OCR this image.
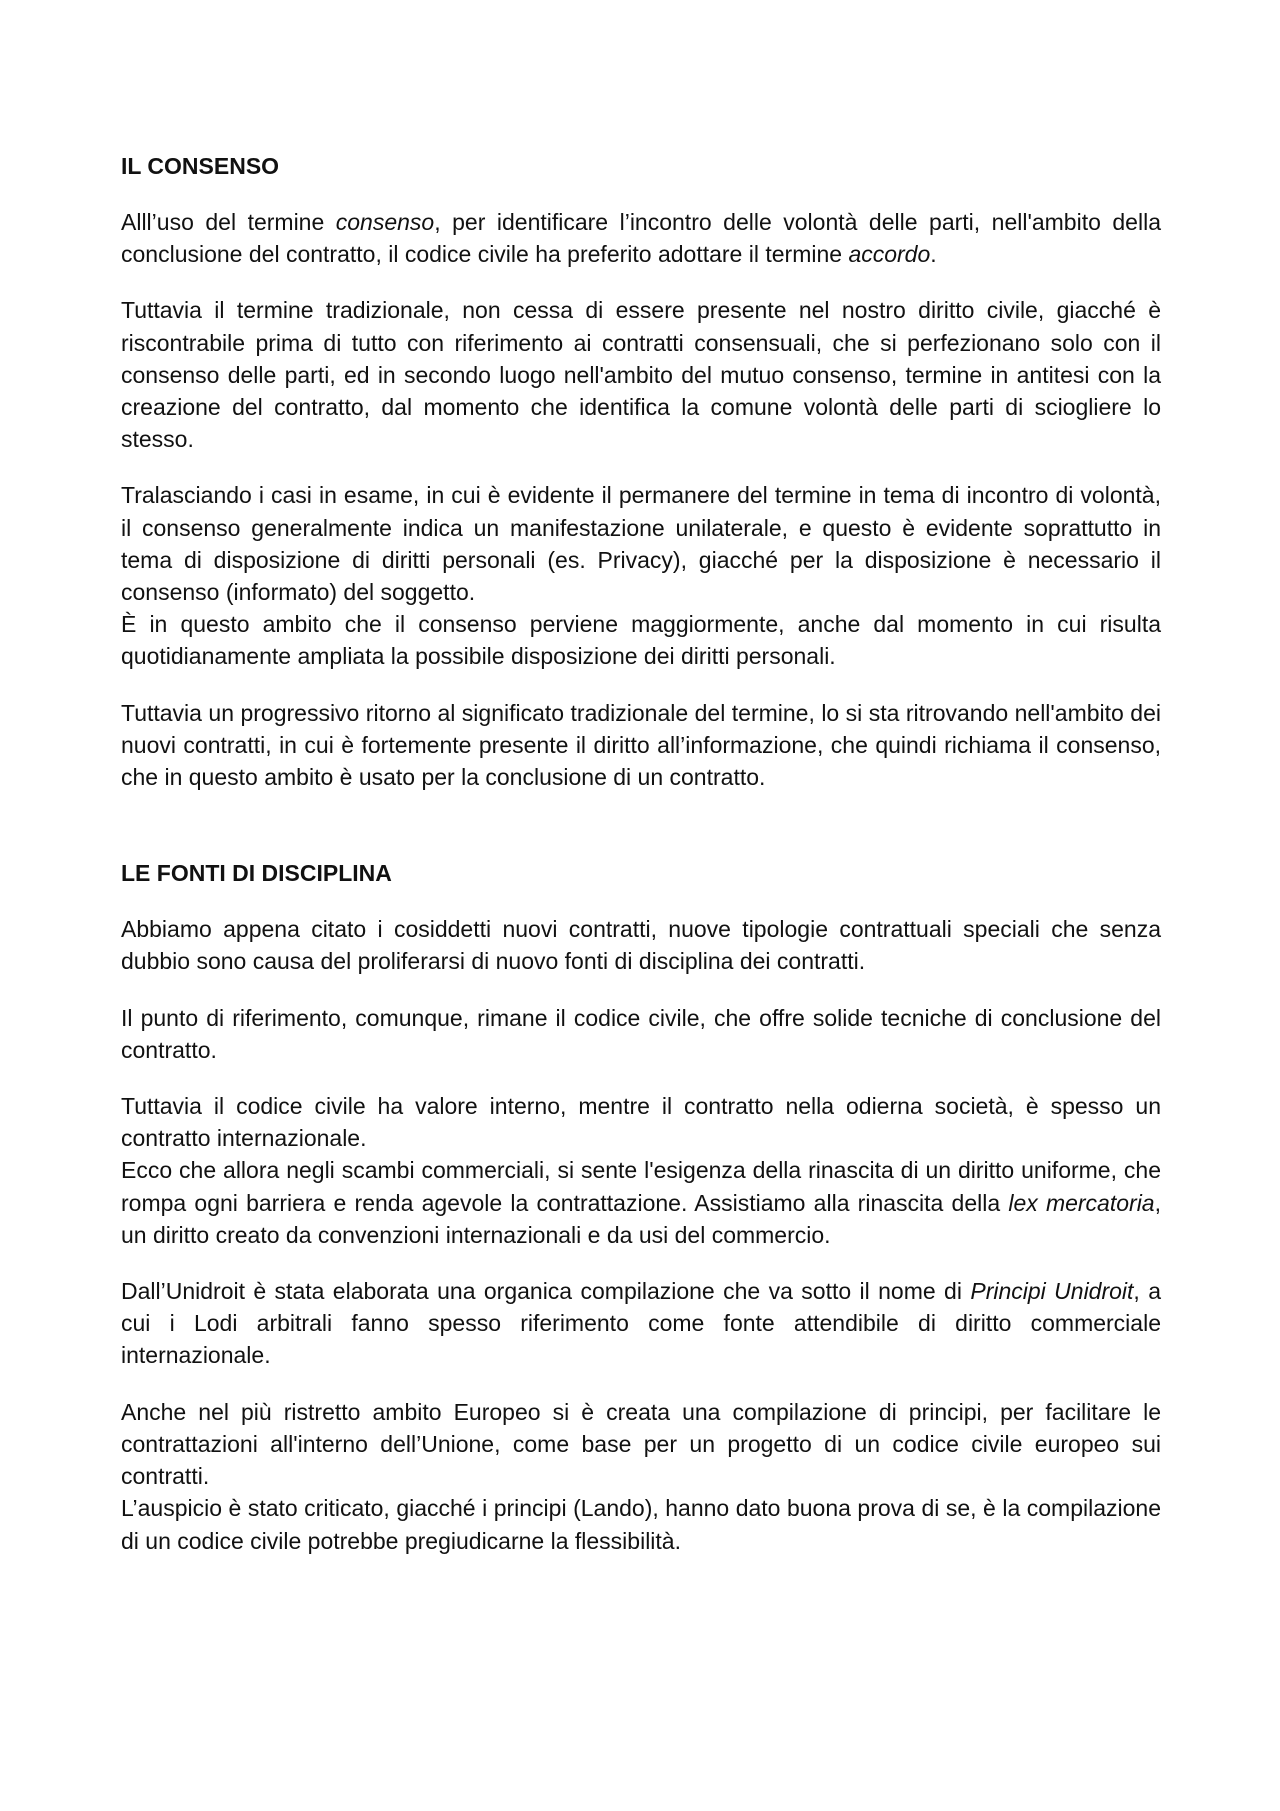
IL CONSENSO

Alll’uso del termine consenso, per identificare l’incontro delle volontà delle parti, nell'ambito della conclusione del contratto, il codice civile ha preferito adottare il termine accordo.

Tuttavia il termine tradizionale, non cessa di essere presente nel nostro diritto civile, giacché è riscontrabile prima di tutto con riferimento ai contratti consensuali, che si perfezionano solo con il consenso delle parti, ed in secondo luogo nell'ambito del mutuo consenso, termine in antitesi con la creazione del contratto, dal momento che identifica la comune volontà delle parti di sciogliere lo stesso.

Tralasciando i casi in esame, in cui è evidente il permanere del termine in tema di incontro di volontà, il consenso generalmente indica un manifestazione unilaterale, e questo è evidente soprattutto in tema di disposizione di diritti personali (es. Privacy), giacché per la disposizione è necessario il consenso (informato) del soggetto.

È in questo ambito che il consenso perviene maggiormente, anche dal momento in cui risulta quotidianamente ampliata la possibile disposizione dei diritti personali.

Tuttavia un progressivo ritorno al significato tradizionale del termine, lo si sta ritrovando nell'ambito dei nuovi contratti, in cui è fortemente presente il diritto all’informazione, che quindi richiama il consenso, che in questo ambito è usato per la conclusione di un contratto.

LE FONTI DI DISCIPLINA

Abbiamo appena citato i cosiddetti nuovi contratti, nuove tipologie contrattuali speciali che senza dubbio sono causa del proliferarsi di nuovo fonti di disciplina dei contratti.

Il punto di riferimento, comunque, rimane il codice civile, che offre solide tecniche di conclusione del contratto.

Tuttavia il codice civile ha valore interno, mentre il contratto nella odierna società, è spesso un contratto internazionale.

Ecco che allora negli scambi commerciali, si sente l'esigenza della rinascita di un diritto uniforme, che rompa ogni barriera e renda agevole la contrattazione. Assistiamo alla rinascita della lex mercatoria, un diritto creato da convenzioni internazionali e da usi del commercio.

Dall’Unidroit è stata elaborata una organica compilazione che va sotto il nome di Principi Unidroit, a cui i Lodi arbitrali fanno spesso riferimento come fonte attendibile di diritto commerciale internazionale.

Anche nel più ristretto ambito Europeo si è creata una compilazione di principi, per facilitare le contrattazioni all'interno dell’Unione, come base per un progetto di un codice civile europeo sui contratti.

L’auspicio è stato criticato, giacché i principi (Lando), hanno dato buona prova di se, è la compilazione di un codice civile potrebbe pregiudicarne la flessibilità.
